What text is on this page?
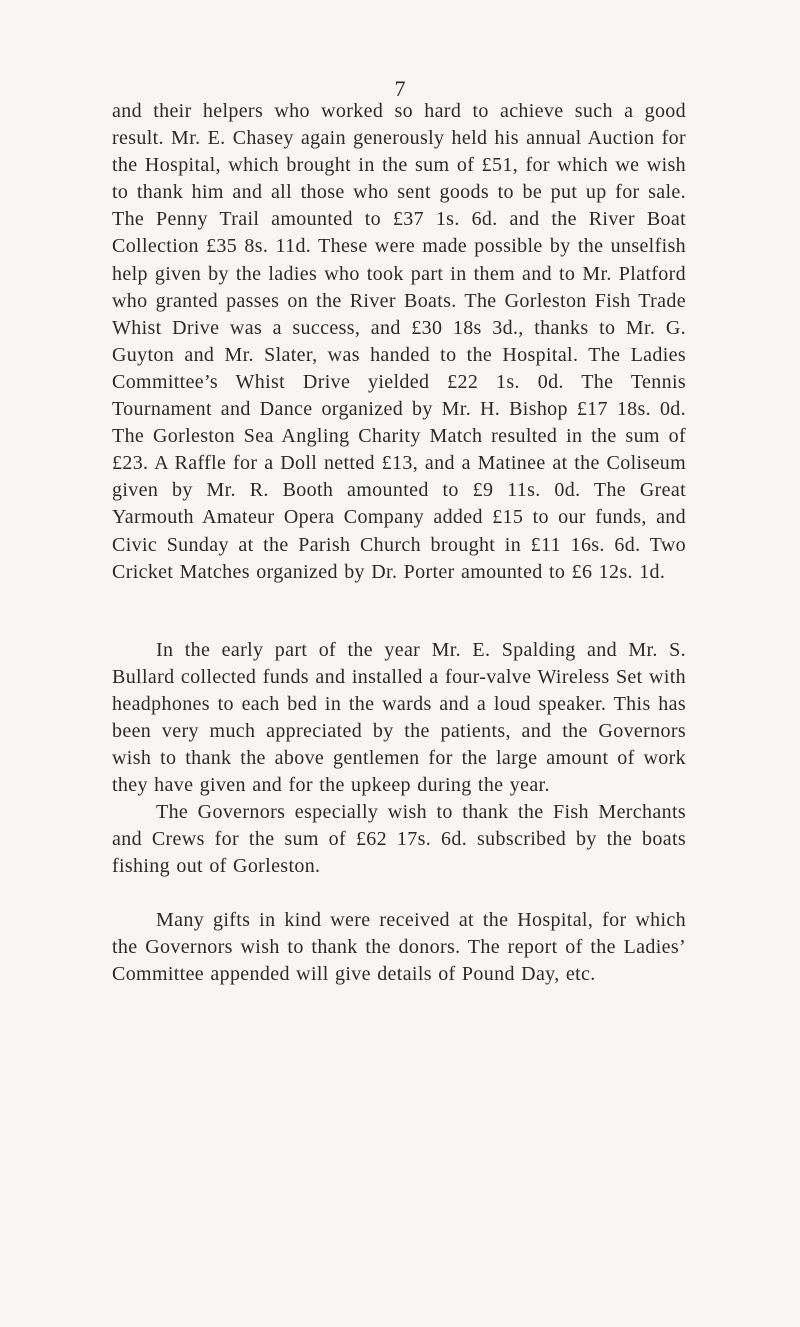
7

and their helpers who worked so hard to achieve such a good result. Mr. E. Chasey again generously held his annual Auction for the Hospital, which brought in the sum of £51, for which we wish to thank him and all those who sent goods to be put up for sale. The Penny Trail amounted to £37 1s. 6d. and the River Boat Collection £35 8s. 11d. These were made possible by the unselfish help given by the ladies who took part in them and to Mr. Platford who granted passes on the River Boats. The Gorleston Fish Trade Whist Drive was a success, and £30 18s 3d., thanks to Mr. G. Guyton and Mr. Slater, was handed to the Hospital. The Ladies Committee’s Whist Drive yielded £22 1s. 0d. The Tennis Tournament and Dance organized by Mr. H. Bishop £17 18s. 0d. The Gorleston Sea Angling Charity Match resulted in the sum of £23. A Raffle for a Doll netted £13, and a Matinee at the Coliseum given by Mr. R. Booth amounted to £9 11s. 0d. The Great Yarmouth Amateur Opera Company added £15 to our funds, and Civic Sunday at the Parish Church brought in £11 16s. 6d. Two Cricket Matches organized by Dr. Porter amounted to £6 12s. 1d.

In the early part of the year Mr. E. Spalding and Mr. S. Bullard collected funds and installed a four-valve Wireless Set with headphones to each bed in the wards and a loud speaker. This has been very much appreciated by the patients, and the Governors wish to thank the above gentlemen for the large amount of work they have given and for the upkeep during the year.

The Governors especially wish to thank the Fish Merchants and Crews for the sum of £62 17s. 6d. subscribed by the boats fishing out of Gorleston.

Many gifts in kind were received at the Hospital, for which the Governors wish to thank the donors. The report of the Ladies’ Committee appended will give details of Pound Day, etc.
